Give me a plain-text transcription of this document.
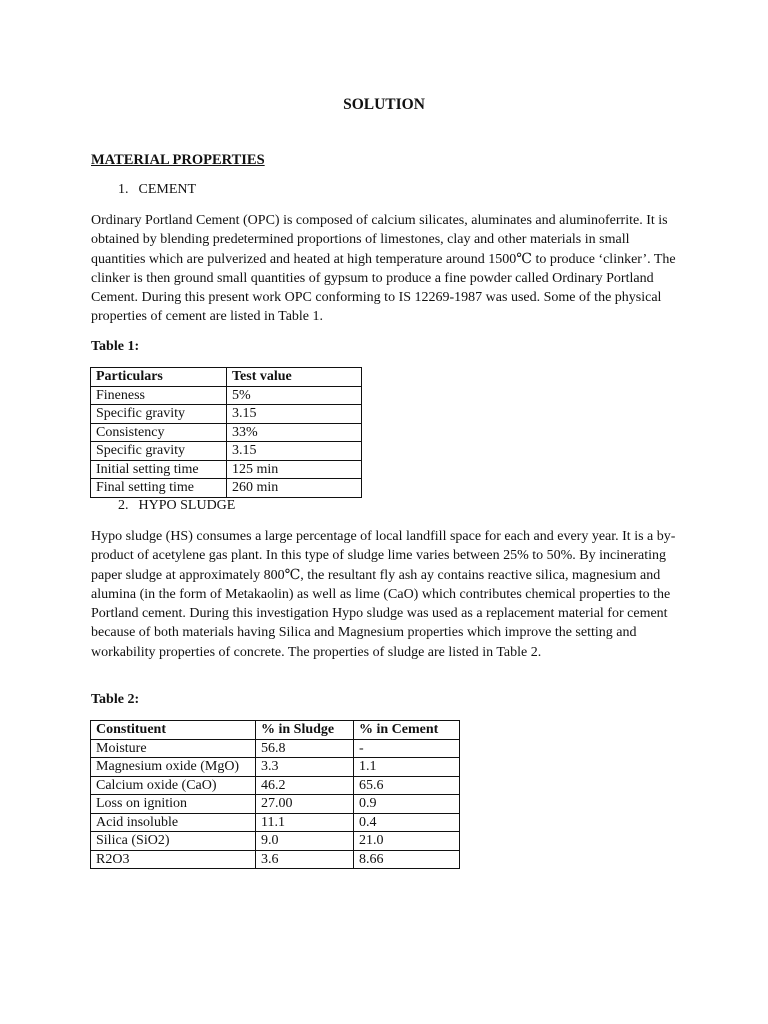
SOLUTION
MATERIAL PROPERTIES
1. CEMENT

Ordinary Portland Cement (OPC) is composed of calcium silicates, aluminates and aluminoferrite. It is obtained by blending predetermined proportions of limestones, clay and other materials in small quantities which are pulverized and heated at high temperature around 1500℃ to produce ‘clinker’. The clinker is then ground small quantities of gypsum to produce a fine powder called Ordinary Portland Cement. During this present work OPC conforming to IS 12269-1987 was used. Some of the physical properties of cement are listed in Table 1.

Table 1:
Particulars	Test value
Fineness	5%
Specific gravity	3.15
Consistency	33%
Specific gravity	3.15
Initial setting time	125 min
Final setting time	260 min
2. HYPO SLUDGE

Hypo sludge (HS) consumes a large percentage of local landfill space for each and every year. It is a by-product of acetylene gas plant. In this type of sludge lime varies between 25% to 50%. By incinerating paper sludge at approximately 800℃, the resultant fly ash ay contains reactive silica, magnesium and alumina (in the form of Metakaolin) as well as lime (CaO) which contributes chemical properties to the Portland cement. During this investigation Hypo sludge was used as a replacement material for cement because of both materials having Silica and Magnesium properties which improve the setting and workability properties of concrete. The properties of sludge are listed in Table 2.

Table 2:
Constituent	% in Sludge	% in Cement
Moisture	56.8	-
Magnesium oxide (MgO)	3.3	1.1
Calcium oxide (CaO)	46.2	65.6
Loss on ignition	27.00	0.9
Acid insoluble	11.1	0.4
Silica (SiO2)	9.0	21.0
R2O3	3.6	8.66
